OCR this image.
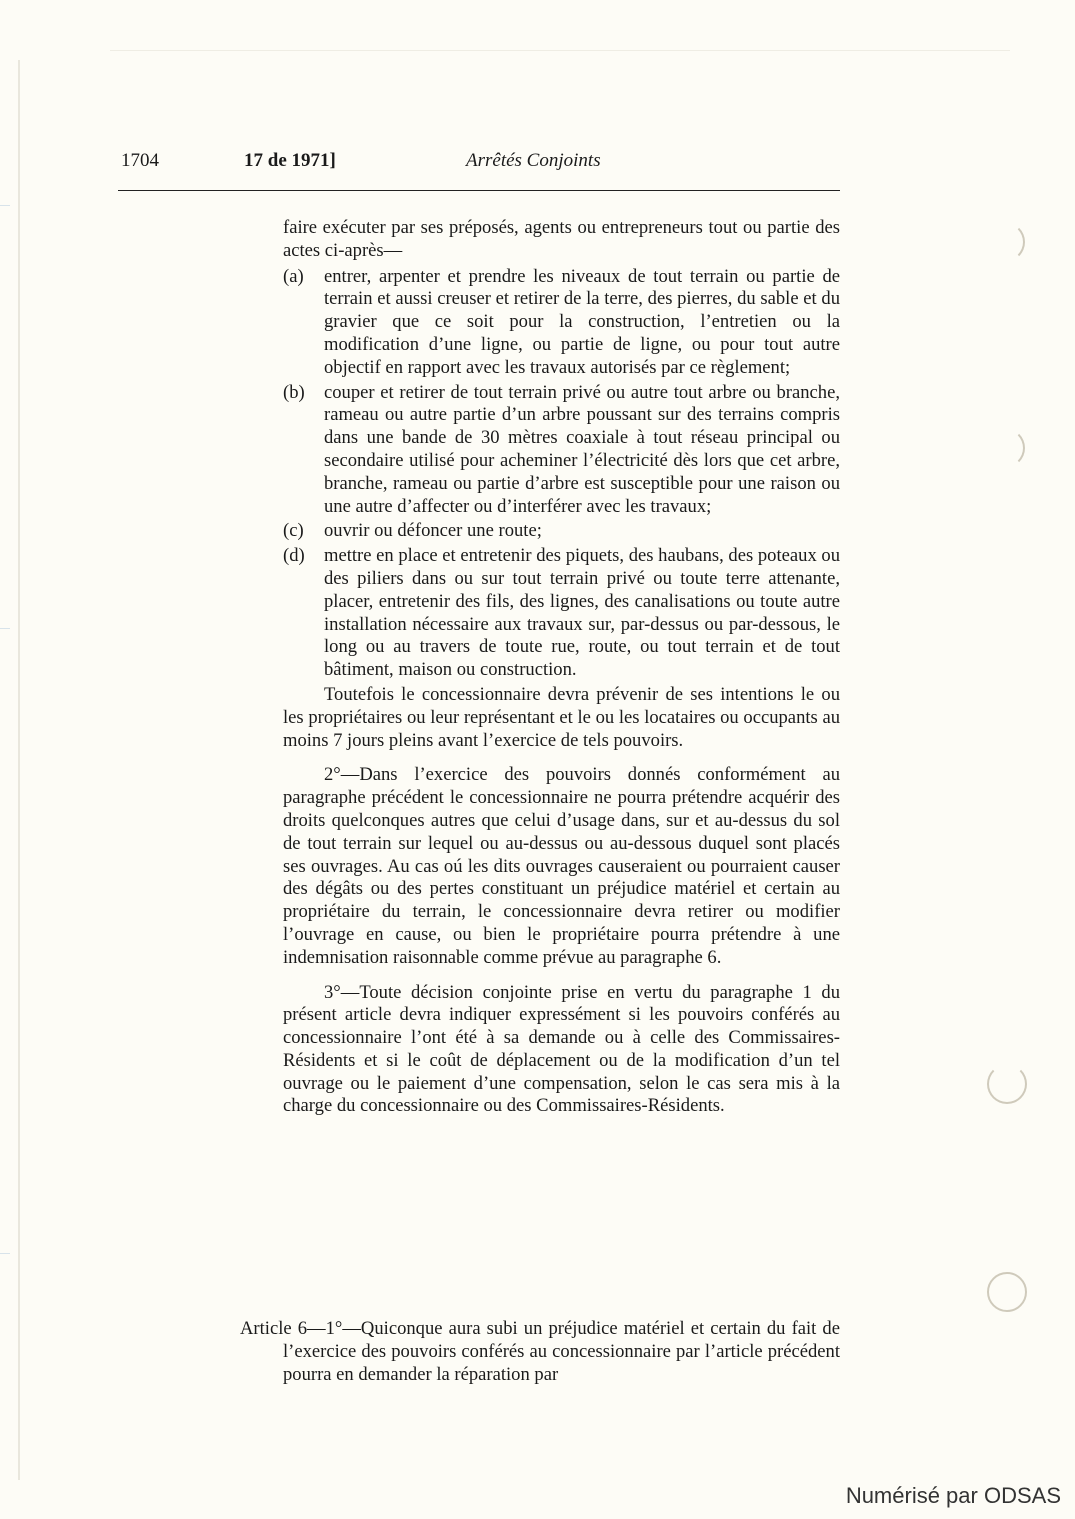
1704	17 de 1971]	Arrêtés Conjoints

faire exécuter par ses préposés, agents ou entrepreneurs tout ou partie des actes ci-après—

(a)	entrer, arpenter et prendre les niveaux de tout terrain ou partie de terrain et aussi creuser et retirer de la terre, des pierres, du sable et du gravier que ce soit pour la construction, l’entretien ou la modification d’une ligne, ou partie de ligne, ou pour tout autre objectif en rapport avec les travaux autorisés par ce règlement;
(b)	couper et retirer de tout terrain privé ou autre tout arbre ou branche, rameau ou autre partie d’un arbre poussant sur des terrains compris dans une bande de 30 mètres coaxiale à tout réseau principal ou secondaire utilisé pour acheminer l’électricité dès lors que cet arbre, branche, rameau ou partie d’arbre est susceptible pour une raison ou une autre d’affecter ou d’interférer avec les travaux;
(c)	ouvrir ou défoncer une route;
(d)	mettre en place et entretenir des piquets, des haubans, des poteaux ou des piliers dans ou sur tout terrain privé ou toute terre attenante, placer, entretenir des fils, des lignes, des canalisations ou toute autre installation nécessaire aux travaux sur, par-dessus ou par-dessous, le long ou au travers de toute rue, route, ou tout terrain et de tout bâtiment, maison ou construction.

Toutefois le concessionnaire devra prévenir de ses intentions le ou les propriétaires ou leur représentant et le ou les locataires ou occupants au moins 7 jours pleins avant l’exercice de tels pouvoirs.

2°—Dans l’exercice des pouvoirs donnés conformément au paragraphe précédent le concessionnaire ne pourra prétendre acquérir des droits quelconques autres que celui d’usage dans, sur et au-dessus du sol de tout terrain sur lequel ou au-dessus ou au-dessous duquel sont placés ses ouvrages. Au cas oú les dits ouvrages causeraient ou pourraient causer des dégâts ou des pertes constituant un préjudice matériel et certain au propriétaire du terrain, le concessionnaire devra retirer ou modifier l’ouvrage en cause, ou bien le propriétaire pourra prétendre à une indemnisation raisonnable comme prévue au paragraphe 6.

3°—Toute décision conjointe prise en vertu du paragraphe 1 du présent article devra indiquer expressément si les pouvoirs conférés au concessionnaire l’ont été à sa demande ou à celle des Commissaires-Résidents et si le coût de déplacement ou de la modification d’un tel ouvrage ou le paiement d’une compensation, selon le cas sera mis à la charge du concessionnaire ou des Commissaires-Résidents.

Article 6—1°—Quiconque aura subi un préjudice matériel et certain du fait de l’exercice des pouvoirs conférés au concessionnaire par l’article précédent pourra en demander la réparation par

Numérisé par ODSAS
